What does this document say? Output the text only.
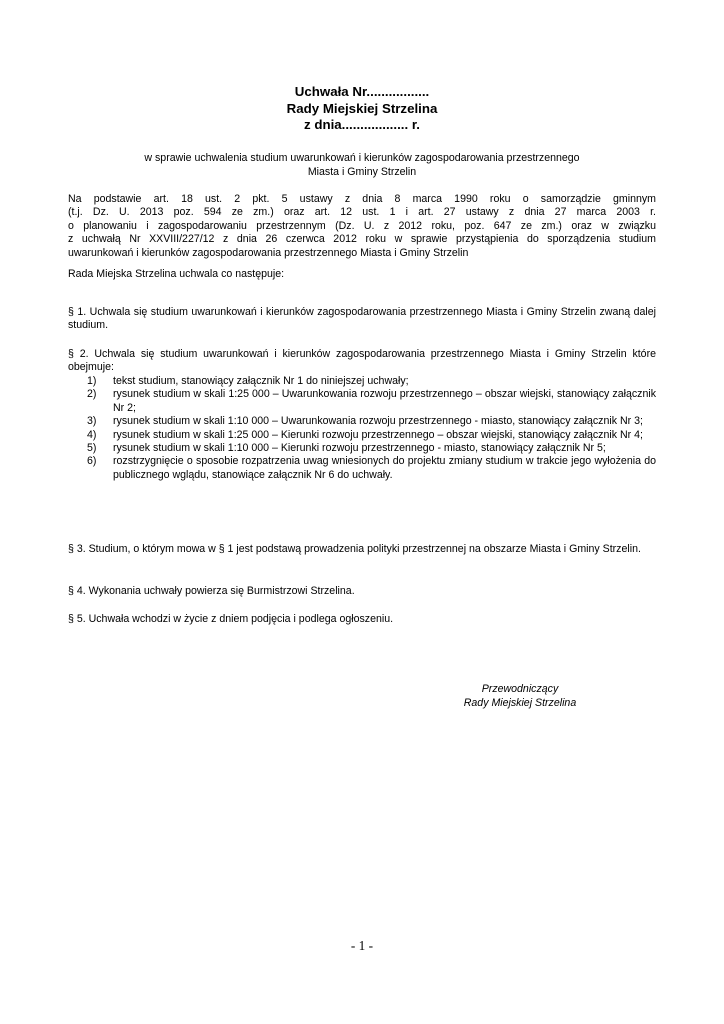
Uchwała Nr.................
Rady Miejskiej Strzelina
z dnia.................. r.
w sprawie uchwalenia studium uwarunkowań i kierunków zagospodarowania przestrzennego
Miasta i Gminy Strzelin
Na podstawie art. 18 ust. 2 pkt. 5 ustawy z dnia 8 marca 1990 roku o samorządzie gminnym
(t.j. Dz. U. 2013 poz. 594 ze zm.) oraz art. 12 ust. 1 i art. 27 ustawy z dnia 27 marca 2003 r.
o planowaniu i zagospodarowaniu przestrzennym (Dz. U. z 2012 roku, poz. 647 ze zm.) oraz w związku
z uchwałą Nr XXVIII/227/12 z dnia 26 czerwca 2012 roku w sprawie przystąpienia do sporządzenia studium
uwarunkowań i kierunków zagospodarowania przestrzennego Miasta i Gminy Strzelin
Rada Miejska Strzelina uchwala co następuje:
§ 1. Uchwala się studium uwarunkowań i kierunków zagospodarowania przestrzennego Miasta i Gminy Strzelin zwaną dalej studium.
§ 2. Uchwala się studium uwarunkowań i kierunków zagospodarowania przestrzennego Miasta i Gminy Strzelin które obejmuje:
1) tekst studium, stanowiący załącznik Nr 1 do niniejszej uchwały;
2) rysunek studium w skali 1:25 000 – Uwarunkowania rozwoju przestrzennego – obszar wiejski, stanowiący załącznik Nr 2;
3) rysunek studium w skali 1:10 000 – Uwarunkowania rozwoju przestrzennego - miasto, stanowiący załącznik Nr 3;
4) rysunek studium w skali 1:25 000 – Kierunki rozwoju przestrzennego – obszar wiejski, stanowiący załącznik Nr 4;
5) rysunek studium w skali 1:10 000 – Kierunki rozwoju przestrzennego - miasto, stanowiący załącznik Nr 5;
6) rozstrzygnięcie o sposobie rozpatrzenia uwag wniesionych do projektu zmiany studium w trakcie jego wyłożenia do publicznego wglądu, stanowiące załącznik Nr 6 do uchwały.
§ 3. Studium, o którym mowa w § 1 jest podstawą prowadzenia polityki przestrzennej na obszarze Miasta i Gminy Strzelin.
§ 4. Wykonania uchwały powierza się Burmistrzowi Strzelina.
§ 5. Uchwała wchodzi w życie z dniem podjęcia i podlega ogłoszeniu.
Przewodniczący
Rady Miejskiej Strzelina
- 1 -
